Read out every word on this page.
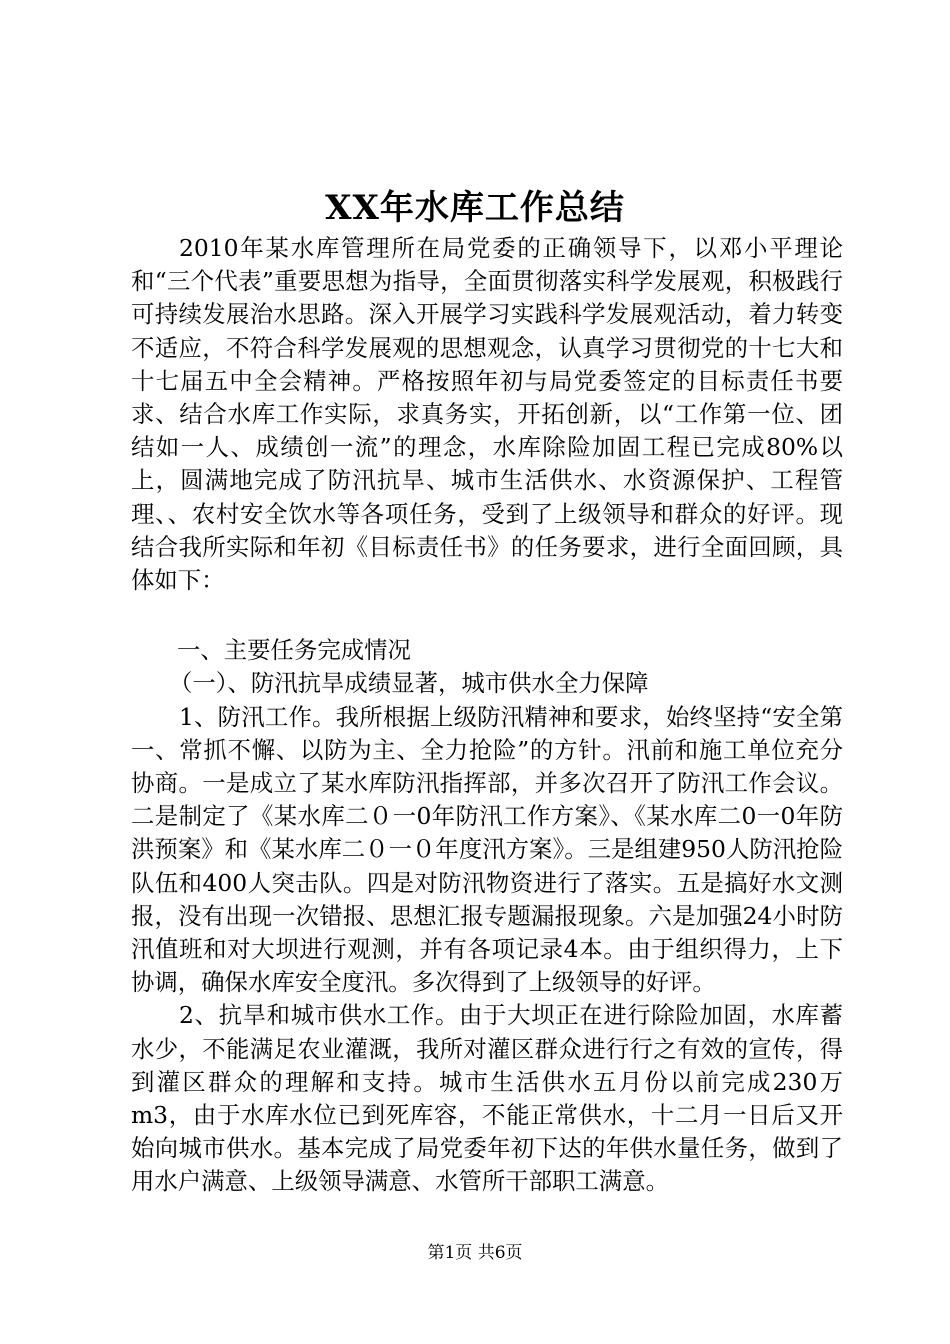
XX年水库工作总结

2010年某水库管理所在局党委的正确领导下，以邓小平理论和“三个代表”重要思想为指导，全面贯彻落实科学发展观，积极践行可持续发展治水思路。深入开展学习实践科学发展观活动，着力转变不适应，不符合科学发展观的思想观念，认真学习贯彻党的十七大和十七届五中全会精神。严格按照年初与局党委签定的目标责任书要求、结合水库工作实际，求真务实，开拓创新，以“工作第一位、团结如一人、成绩创一流”的理念，水库除险加固工程已完成80%以上，圆满地完成了防汛抗旱、城市生活供水、水资源保护、工程管理、、农村安全饮水等各项任务，受到了上级领导和群众的好评。现结合我所实际和年初《目标责任书》的任务要求，进行全面回顾，具体如下：

一、主要任务完成情况

（一）、防汛抗旱成绩显著，城市供水全力保障

1、防汛工作。我所根据上级防汛精神和要求，始终坚持“安全第一、常抓不懈、以防为主、全力抢险”的方针。汛前和施工单位充分协商。一是成立了某水库防汛指挥部，并多次召开了防汛工作会议。二是制定了《某水库二０一0年防汛工作方案》、《某水库二0一0年防洪预案》和《某水库二０一０年度汛方案》。三是组建950人防汛抢险队伍和400人突击队。四是对防汛物资进行了落实。五是搞好水文测报，没有出现一次错报、思想汇报专题漏报现象。六是加强24小时防汛值班和对大坝进行观测，并有各项记录4本。由于组织得力，上下协调，确保水库安全度汛。多次得到了上级领导的好评。

2、抗旱和城市供水工作。由于大坝正在进行除险加固，水库蓄水少，不能满足农业灌溉，我所对灌区群众进行行之有效的宣传，得到灌区群众的理解和支持。城市生活供水五月份以前完成230万m3，由于水库水位已到死库容，不能正常供水，十二月一日后又开始向城市供水。基本完成了局党委年初下达的年供水量任务，做到了用水户满意、上级领导满意、水管所干部职工满意。

第1页 共6页
